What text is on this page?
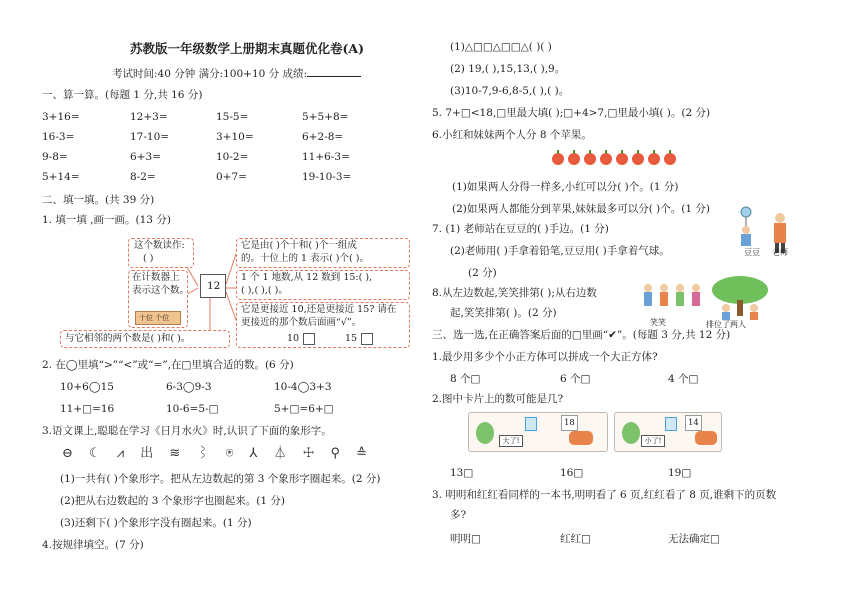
苏教版一年级数学上册期末真题优化卷(A)
考试时间:40 分钟 满分:100+10 分 成绩:
一、算一算。(每题 1 分,共 16 分)
3+16=	12+3=	15-5=	5+5+8=
16-3=	17-10=	3+10=	6+2-8=
9-8=	6+3=	10-2=	11+6-3=
5+14=	8-2=	0+7=	19-10-3=
二、填一填。(共 39 分)
1. 填一填 ,画一画。(13 分)
这个数读作:
( )
在计数器上
表示这个数。
十位 个位
与它相邻的两个数是( )和( )。
12
它是由( )个十和( )个一组成
的。十位上的 1 表示( )个( )。
1 个 1 地数,从 12 数到 15:( ),
( ),( ),( )。
它是更接近 10,还是更接近 15? 请在
更接近的那个数后面画“√”。
10	15
2. 在◯里填“>”“<”或“=”,在□里填合适的数。(6 分)
10+6◯15	6-3◯9-3	10-4◯3+3
11+□=16	10-6=5-□	5+□=6+□
3.语文课上,聪聪在学习《日月水火》时,认识了下面的象形字。
⊖ ☾ ⩘ 出 ≋ ⌇ ⍟ ⅄ ⏃ ☩ ⚲ ≙
(1)一共有( )个象形字。把从左边数起的第 3 个象形字圈起来。(2 分)
(2)把从右边数起的 3 个象形字也圈起来。(1 分)
(3)还剩下( )个象形字没有圈起来。(1 分)
4.按规律填空。(7 分)
(1)△□□△□□△( )( )
(2) 19,( ),15,13,( ),9。
(3)10-7,9-6,8-5,( ),( )。
5. 7+□<18,□里最大填( );□+4>7,□里最小填( )。(2 分)
6.小红和妹妹两个人分 8 个苹果。
(1)如果两人分得一样多,小红可以分( )个。(1 分)
(2)如果两人都能分到苹果,妹妹最多可以分( )个。(1 分)
7. (1) 老师站在豆豆的( )手边。(1 分)
(2)老师用( )手拿着铅笔,豆豆用( )手拿着气球。
(2 分)
豆豆 老师
8.从左边数起,笑笑排第( );从右边数
起,笑笑排第( )。(2 分)
笑笑	排位了两人
三、选一选,在正确答案后面的□里画“✔”。(每题 3 分,共 12 分)
1.最少用多少个小正方体可以拼成一个大正方体?
8 个□	6 个□	4 个□
2.图中卡片上的数可能是几?
大了!
18
小了!
14
13□	16□	19□
3. 明明和红红看同样的一本书,明明看了 6 页,红红看了 8 页,谁剩下的页数
多?
明明□	红红□	无法确定□
